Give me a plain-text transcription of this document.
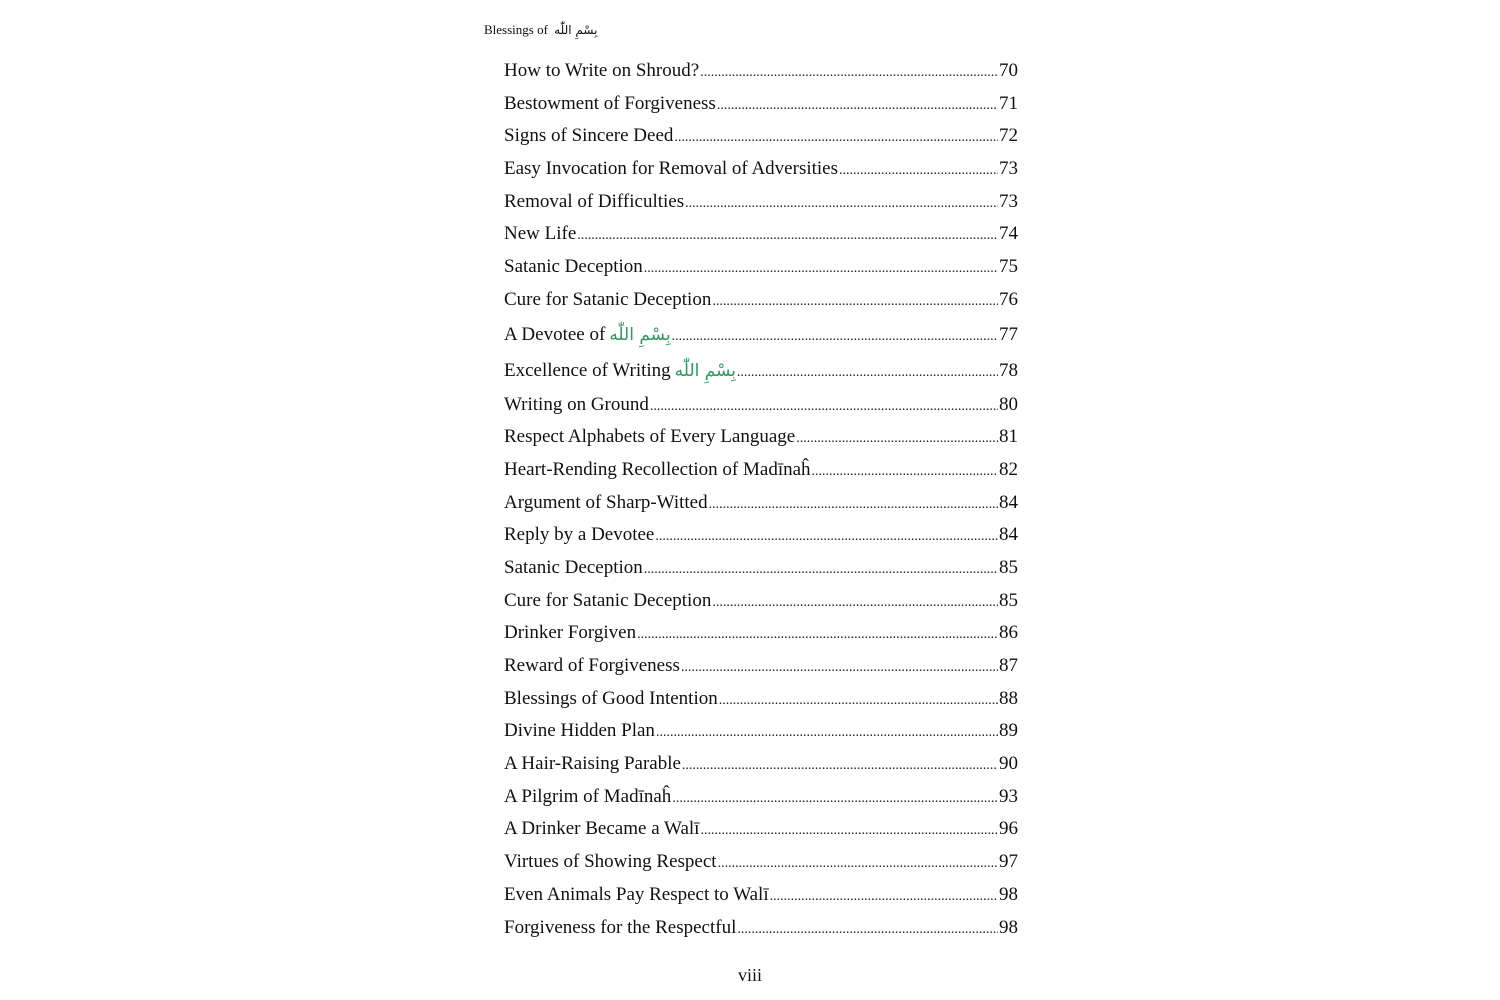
Blessings of بِسْمِ اللّٰه
How to Write on Shroud? .....	70
Bestowment of Forgiveness .....	71
Signs of Sincere Deed .....	72
Easy Invocation for Removal of Adversities .....	73
Removal of Difficulties .....	73
New Life .....	74
Satanic Deception .....	75
Cure for Satanic Deception .....	76
A Devotee of بِسْمِ اللّٰه .....	77
Excellence of Writing بِسْمِ اللّٰه .....	78
Writing on Ground .....	80
Respect Alphabets of Every Language .....	81
Heart-Rending Recollection of Madīnaĥ .....	82
Argument of Sharp-Witted .....	84
Reply by a Devotee .....	84
Satanic Deception .....	85
Cure for Satanic Deception .....	85
Drinker Forgiven .....	86
Reward of Forgiveness .....	87
Blessings of Good Intention .....	88
Divine Hidden Plan .....	89
A Hair-Raising Parable .....	90
A Pilgrim of Madīnaĥ .....	93
A Drinker Became a Walī .....	96
Virtues of Showing Respect .....	97
Even Animals Pay Respect to Walī .....	98
Forgiveness for the Respectful .....	98
viii
